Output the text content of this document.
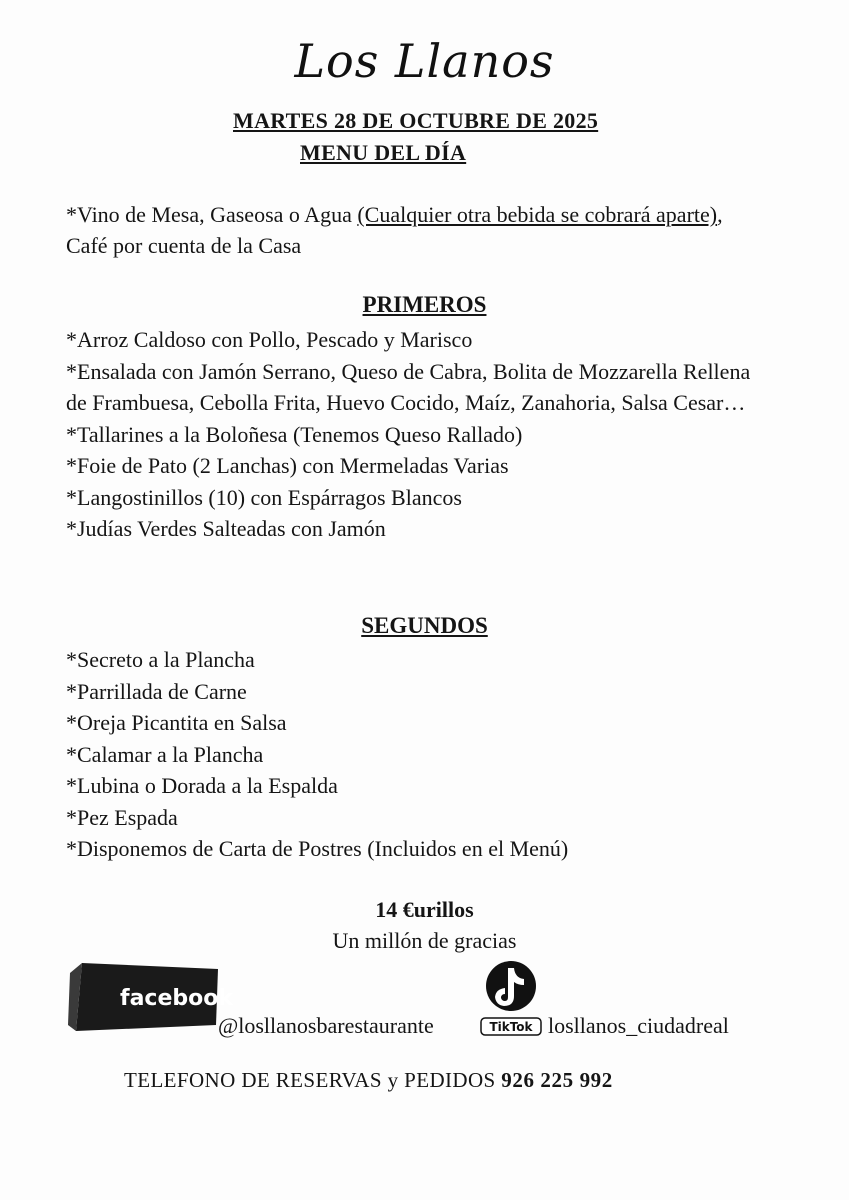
Los Llanos
MARTES 28 DE OCTUBRE DE 2025
MENU DEL DÍA
*Vino de Mesa, Gaseosa o Agua (Cualquier otra bebida se cobrará aparte), Café por cuenta de la Casa
PRIMEROS
*Arroz Caldoso con Pollo, Pescado y Marisco
*Ensalada con Jamón Serrano, Queso de Cabra, Bolita de Mozzarella Rellena de Frambuesa, Cebolla Frita, Huevo Cocido, Maíz, Zanahoria, Salsa Cesar…
*Tallarines a la Boloñesa (Tenemos Queso Rallado)
*Foie de Pato (2 Lanchas) con Mermeladas Varias
*Langostinillos (10) con Espárragos Blancos
*Judías Verdes Salteadas con Jamón
SEGUNDOS
*Secreto a la Plancha
*Parrillada de Carne
*Oreja Picantita en Salsa
*Calamar a la Plancha
*Lubina o Dorada a la Espalda
*Pez Espada
*Disponemos de Carta de Postres (Incluidos en el Menú)
14 €urillos
Un millón de gracias
facebook
@losllanosbarestaurante	TikTok losllanos_ciudadreal
TELEFONO DE RESERVAS y PEDIDOS 926 225 992
